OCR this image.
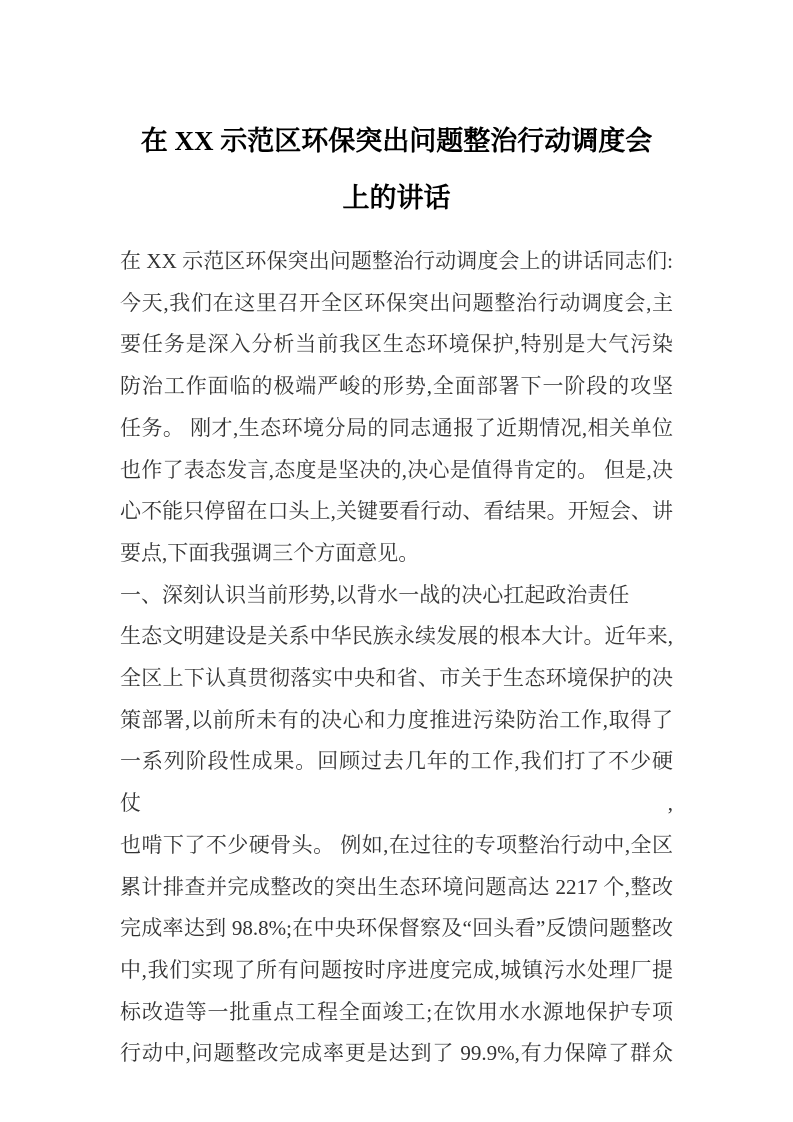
在 XX 示范区环保突出问题整治行动调度会
上的讲话
在 XX 示范区环保突出问题整治行动调度会上的讲话同志们:
今天,我们在这里召开全区环保突出问题整治行动调度会,主
要任务是深入分析当前我区生态环境保护,特别是大气污染
防治工作面临的极端严峻的形势,全面部署下一阶段的攻坚
任务。 刚才,生态环境分局的同志通报了近期情况,相关单位
也作了表态发言,态度是坚决的,决心是值得肯定的。 但是,决
心不能只停留在口头上,关键要看行动、看结果。开短会、讲
要点,下面我强调三个方面意见。
一、深刻认识当前形势,以背水一战的决心扛起政治责任
生态文明建设是关系中华民族永续发展的根本大计。近年来,
全区上下认真贯彻落实中央和省、市关于生态环境保护的决
策部署,以前所未有的决心和力度推进污染防治工作,取得了
一系列阶段性成果。回顾过去几年的工作,我们打了不少硬仗,
也啃下了不少硬骨头。 例如,在过往的专项整治行动中,全区
累计排查并完成整改的突出生态环境问题高达 2217 个,整改
完成率达到 98.8%;在中央环保督察及“回头看”反馈问题整改
中,我们实现了所有问题按时序进度完成,城镇污水处理厂提
标改造等一批重点工程全面竣工;在饮用水水源地保护专项
行动中,问题整改完成率更是达到了 99.9%,有力保障了群众
